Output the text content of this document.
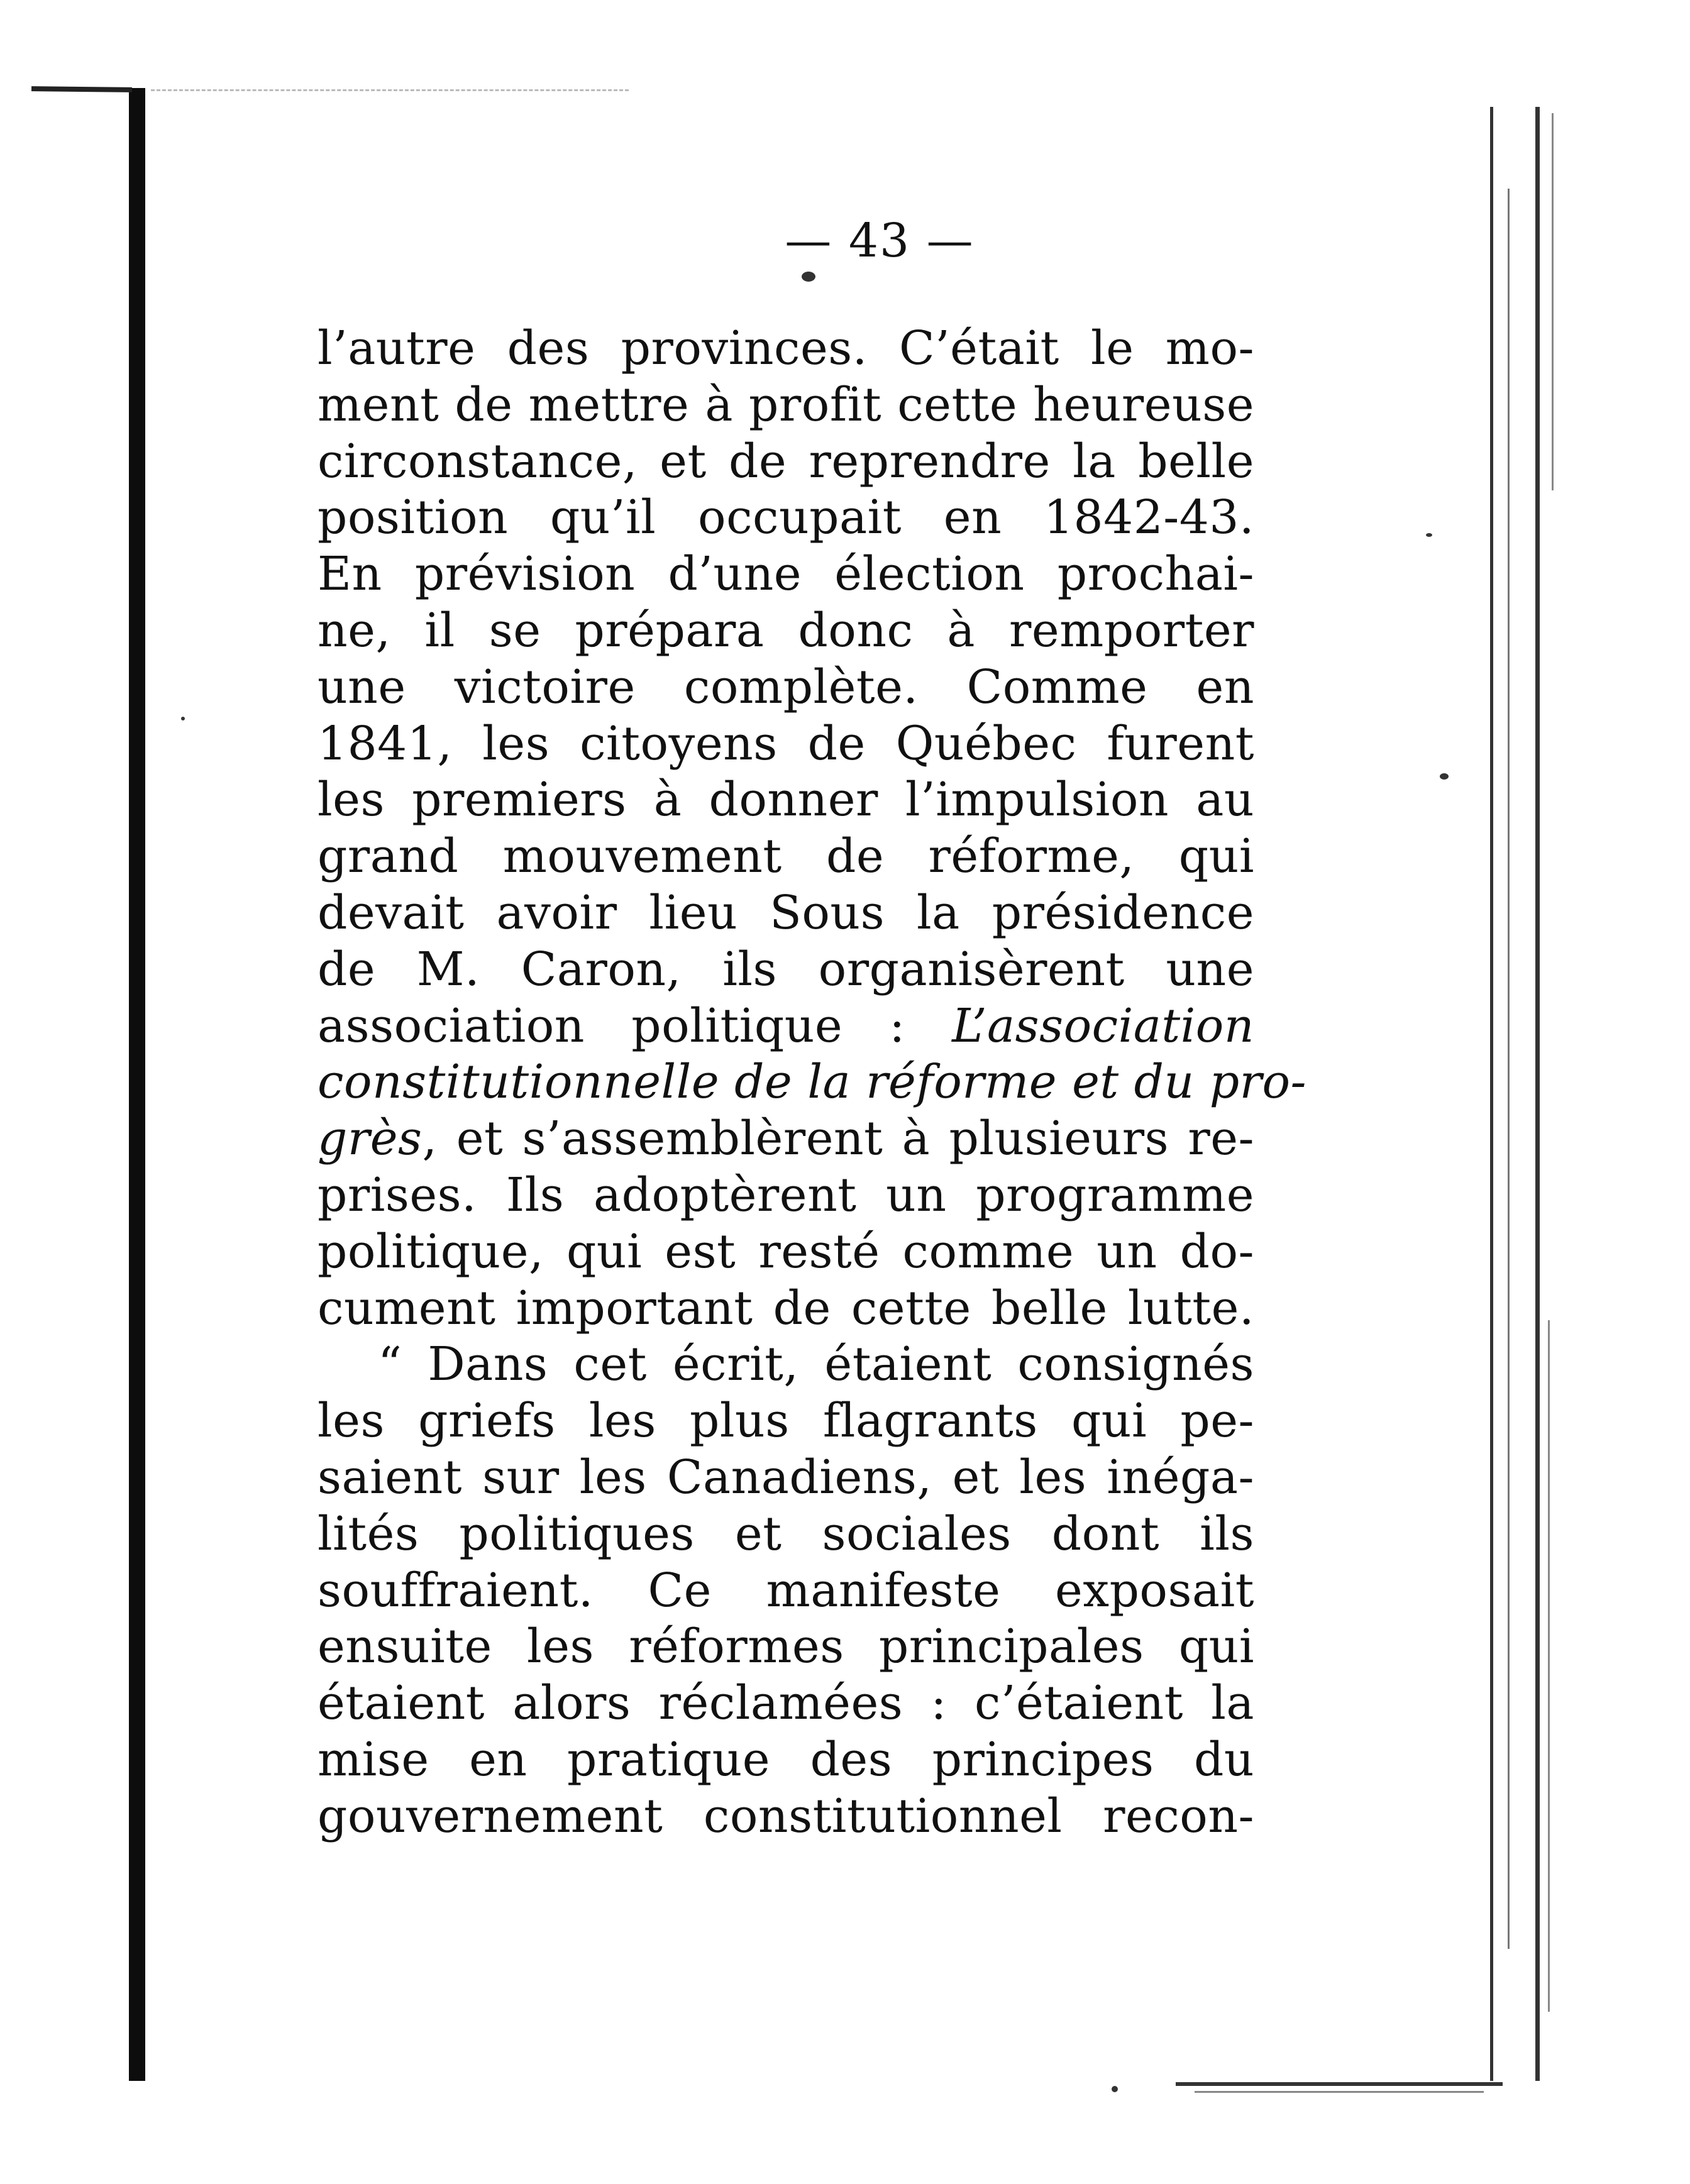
— 43 —
l’autre des provinces. C’était le mo-
ment de mettre à profit cette heureuse
circonstance, et de reprendre la belle
position qu’il occupait en 1842-43.
En prévision d’une élection prochai-
ne, il se prépara donc à remporter
une victoire complète. Comme en
1841, les citoyens de Québec furent
les premiers à donner l’impulsion au
grand mouvement de réforme, qui
devait avoir lieu Sous la présidence
de M. Caron, ils organisèrent une
association politique : L’association
constitutionnelle de la réforme et du pro-
grès, et s’assemblèrent à plusieurs re-
prises. Ils adoptèrent un programme
politique, qui est resté comme un do-
cument important de cette belle lutte.
“ Dans cet écrit, étaient consignés
les griefs les plus flagrants qui pe-
saient sur les Canadiens, et les inéga-
lités politiques et sociales dont ils
souffraient. Ce manifeste exposait
ensuite les réformes principales qui
étaient alors réclamées : c’étaient la
mise en pratique des principes du
gouvernement constitutionnel recon-
